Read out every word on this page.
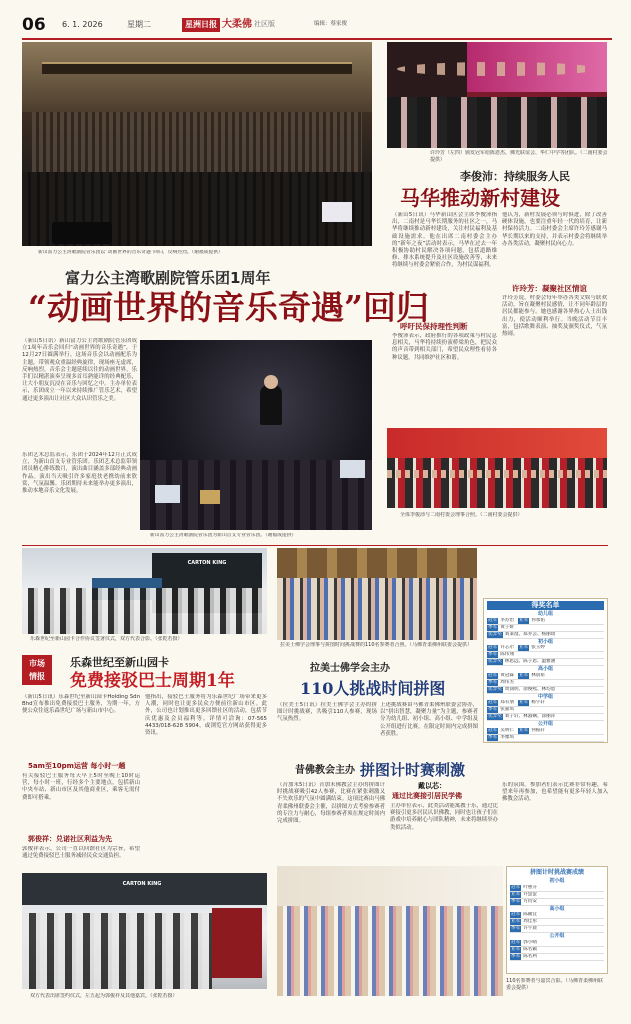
06 6. 1. 2026	星期二	星洲日报 大柔佛 社区版	编辑：蔡家俊
新山富力公主湾歌剧院管乐团以“动画世界的音乐奇遇”回归，反响热烈。（谢福成提供）
富力公主湾歌剧院管乐团1周年
“动画世界的音乐奇遇”回归
（新山5日讯）新山富力公主湾歌剧院管乐团成立1周年音乐会回归“动画世界的音乐奇遇”，于12月27日圆满举行。这场音乐会以动画配乐为主题，带领观众重温经典旋律，现场座无虚席，反响热烈。音乐会主题延续以往的动画世界，乐手们以精湛演奏呈现多首耳熟能详的经典配乐，让大小朋友沉浸在音乐与回忆之中。主办单位表示，乐团成立一年以来持续推广管乐艺术，希望通过更多演出让社区大众认识管乐之美。
乐团艺术总监表示，乐团于2024年12月正式成立，为新山首支专业管乐团。乐团艺术总监带领团员精心排练数月，演出曲目涵盖多部经典动画作品。演出当天吸引许多家庭扶老携幼前来欣赏，气氛温馨。乐团期待未来能举办更多演出，推动本地音乐文化发展。
新山富力公主湾歌剧院管乐团为新山首支专业管乐团。（谢福成提供）
许玲芳（左四）颁发冠军给陈恩杰、佛光联谊会、华仁中学等团队。（二南村委会提供）
李俊沛：持续服务人民
马华推动新村建设
（新山5日讯）马华新山区会主席李俊沛指出，二南村是马华长期服务的社区之一，马华将继续推动新村建设，关注村民福利及基础设施需求。他在出席二南村委会主办的“新年之夜”活动时表示，马华在过去一年积极协助村民解决各项问题，包括道路维修、排水系统提升及社区设施改善等，未来将继续与村委会紧密合作，为村民谋福利。
呼吁民保持理性判断
李俊沛表示，政府推行的各项政策与村民息息相关，马华将持续扮演桥梁角色，把民众的声音带到相关部门，希望民众理性看待各种议题，共同维护社区和谐。
他认为，新村发展必须与时俱进，除了改善硬体设施，也要注重年轻一代的培育，让新村保持活力。二南村委会主席许玲芳感谢马华长期以来的支持，并表示村委会将继续举办各类活动，凝聚村民向心力。
许玲芳：凝聚社区情谊
许玲芳说，村委会每年举办各类文娱与联欢活动，旨在凝聚村民感情，让不同年龄层的居民都能参与。她也感谢各界热心人士出钱出力，使活动顺利举行。当晚活动节目丰富，包括歌舞表演、抽奖及颁奖仪式，气氛热闹。
全体李俊沛与二南村委会理事合照。（二南村委会提供）
CARTON KING
乐森世纪至新山园卡合作协议签署仪式，双方代表合影。（张乾若摄）
市场
情报
乐森世纪至新山园卡
免费接驳巴士周期1年
（新山5日讯）乐森世纪至新山园卡Holding Sdn Bhd宣布推出免费接驳巴士服务，为期一年，方便公众往返乐森世纪广场与新山市中心。
5am至10pm运营 每小时一趟
有关接驳巴士服务每天早上5时至晚上10时运营，每小时一班，行经多个主要地点，包括新山中央车站、新山市区及其他商业区，乘客无需付费即可搭乘。
郭俊祥：兑诺社区利益为先
郭俊祥表示，公司一直以回馈社区为宗旨，希望通过免费接驳巴士服务减轻民众交通负担。
他指出，接驳巴士服务将为乐森世纪广场带来更多人潮，同时也让更多民众方便前往新山市区。此外，公司也计划推出更多回馈社区的活动，包括节庆优惠及会员福利等。详情可洽询：07-565 4433/018-628 5904，或浏览官方网站获得更多资讯。
CARTON KING
双方代表出席签约仪式，左五起为郭俊祥及其他嘉宾。（张乾若摄）
拉美士佛学会理事与拼图时间挑战赛的110名参赛者合照。（马佛青柔佛州联委会提供）
拉美士佛学会主办
110人挑战时间拼图
（拉美士5日讯）拉美士佛学会主办的拼图计时挑战赛，共吸引110人参赛，现场气氛热烈。
上述挑战赛由马佛青柔佛州联委会协办，以“拼出智慧，凝聚力量”为主题，参赛者分为幼儿组、初小组、高小组、中学组及公开组进行比赛，在限定时间内完成拼图者获胜。
得奖名单
幼儿组
冠军 李苏怡 亚军 何承佑
季军 黄子妍
优异奖 刘秉澄、郑乔芸、杨丽琦
初小组
冠军 许芯尔 亚军 张玉婷
季军 陈伟翔
优异奖 林思远、陈子恩、温雅涵
高小组
冠军 黄冠霖 亚军 林晨希
季军 周伟杰
优异奖 周润明、徐俊熙、林均恩
中学组
冠军 郑有朋 亚军 杨宇轩
季军 张嘉琪
优异奖 刘子轩、林淑娴、涂丽萍
公开组
冠军 吴明仁 亚军 何振轩
季军 李雅琪
昔佛教会主办 拼图计时赛刺激
（昔加末5日讯）昔加末佛教会主办的拼图计时挑战赛吸引42人参赛，比赛在紧张刺激又不失欢乐的气氛中圆满结束。这项比赛由马佛青柔佛州联委会主催，以拼图方式考验参赛者的专注力与耐心，每组参赛者须在规定时间内完成拼图。
戴以芯：
通过比赛接引居民学佛
主办单位表示，此类活动能寓教于乐，通过比赛接引更多居民认识佛教，同时也让孩子们在游戏中培养耐心与团队精神，未来将继续举办类似活动。
乐的氛围。参加者们表示比赛非常有趣，希望来年再参加，也希望能有更多年轻人加入佛教会活动。
拼图计时挑战赛成绩
初小组
冠军 叶惠芬
亚军 许萤萤
季军 方钧安
高小组
冠军 陈颖宜
亚军 周佳彤
季军 许宇晨
公开组
冠军 郭小晴
亚军 陈名颖
季军 陈名利
110名参赛者与嘉宾合影。（马佛青柔佛州联委会提供）
